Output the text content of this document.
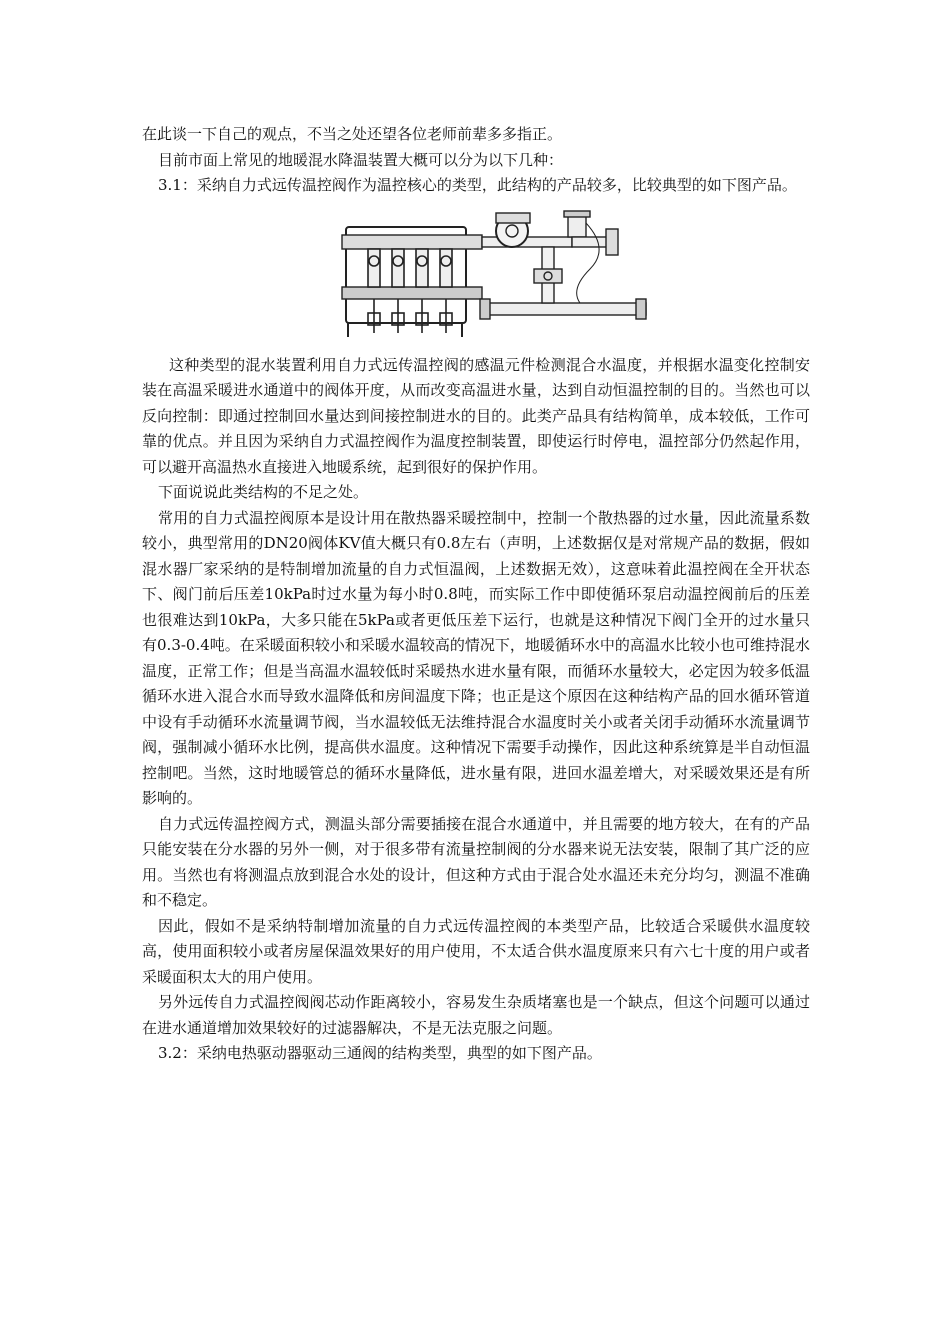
在此谈一下自己的观点，不当之处还望各位老师前辈多多指正。

目前市面上常见的地暖混水降温装置大概可以分为以下几种：

3.1：采纳自力式远传温控阀作为温控核心的类型，此结构的产品较多，比较典型的如下图产品。

这种类型的混水装置利用自力式远传温控阀的感温元件检测混合水温度，并根据水温变化控制安装在高温采暖进水通道中的阀体开度，从而改变高温进水量，达到自动恒温控制的目的。当然也可以反向控制：即通过控制回水量达到间接控制进水的目的。此类产品具有结构简单，成本较低，工作可靠的优点。并且因为采纳自力式温控阀作为温度控制装置，即使运行时停电，温控部分仍然起作用，可以避开高温热水直接进入地暖系统，起到很好的保护作用。

下面说说此类结构的不足之处。

常用的自力式温控阀原本是设计用在散热器采暖控制中，控制一个散热器的过水量，因此流量系数较小，典型常用的DN20阀体KV值大概只有0.8左右（声明，上述数据仅是对常规产品的数据，假如混水器厂家采纳的是特制增加流量的自力式恒温阀，上述数据无效），这意味着此温控阀在全开状态下、阀门前后压差10kPa时过水量为每小时0.8吨，而实际工作中即使循环泵启动温控阀前后的压差也很难达到10kPa，大多只能在5kPa或者更低压差下运行，也就是这种情况下阀门全开的过水量只有0.3-0.4吨。在采暖面积较小和采暖水温较高的情况下，地暖循环水中的高温水比较小也可维持混水温度，正常工作；但是当高温水温较低时采暖热水进水量有限，而循环水量较大，必定因为较多低温循环水进入混合水而导致水温降低和房间温度下降；也正是这个原因在这种结构产品的回水循环管道中设有手动循环水流量调节阀，当水温较低无法维持混合水温度时关小或者关闭手动循环水流量调节阀，强制减小循环水比例，提高供水温度。这种情况下需要手动操作，因此这种系统算是半自动恒温控制吧。当然，这时地暖管总的循环水量降低，进水量有限，进回水温差增大，对采暖效果还是有所影响的。

自力式远传温控阀方式，测温头部分需要插接在混合水通道中，并且需要的地方较大，在有的产品只能安装在分水器的另外一侧，对于很多带有流量控制阀的分水器来说无法安装，限制了其广泛的应用。当然也有将测温点放到混合水处的设计，但这种方式由于混合处水温还未充分均匀，测温不准确和不稳定。

因此，假如不是采纳特制增加流量的自力式远传温控阀的本类型产品，比较适合采暖供水温度较高，使用面积较小或者房屋保温效果好的用户使用，不太适合供水温度原来只有六七十度的用户或者采暖面积太大的用户使用。

另外远传自力式温控阀阀芯动作距离较小，容易发生杂质堵塞也是一个缺点，但这个问题可以通过在进水通道增加效果较好的过滤器解决，不是无法克服之问题。

3.2：采纳电热驱动器驱动三通阀的结构类型，典型的如下图产品。
